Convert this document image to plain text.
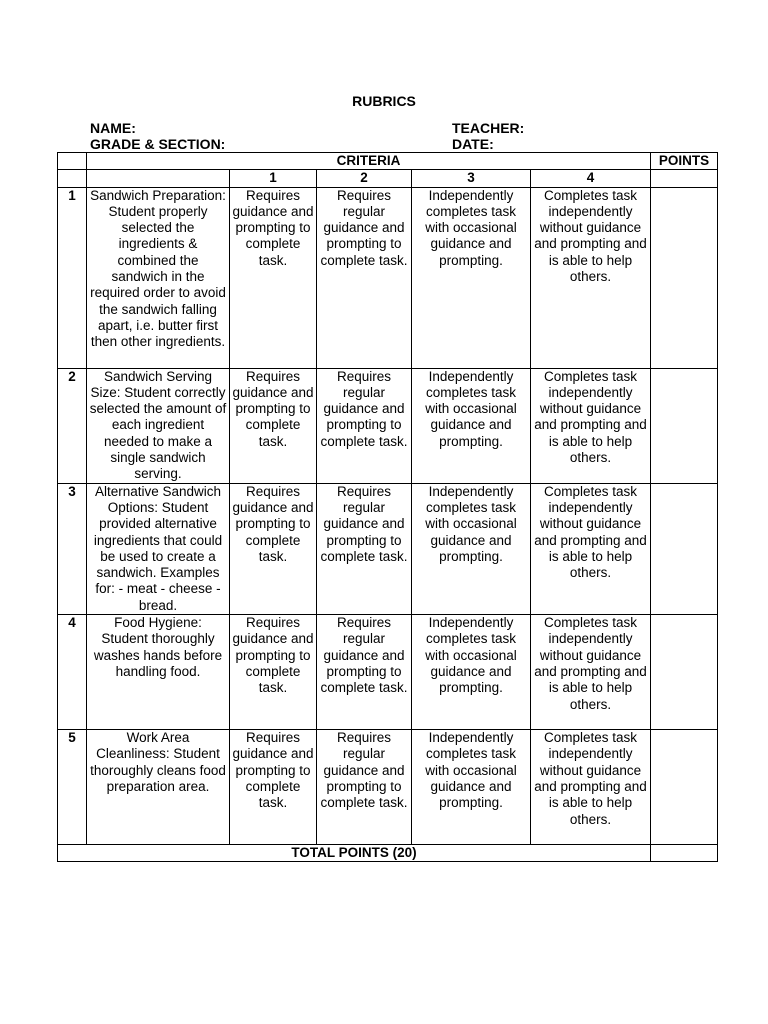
RUBRICS
NAME:
GRADE & SECTION:
TEACHER:
DATE:
	CRITERIA					POINTS
		1	2	3	4	
1	Sandwich Preparation: Student properly selected the ingredients & combined the sandwich in the required order to avoid the sandwich falling apart, i.e. butter first then other ingredients.	Requires guidance and prompting to complete task.	Requires regular guidance and prompting to complete task.	Independently completes task with occasional guidance and prompting.	Completes task independently without guidance and prompting and is able to help others.	
2	Sandwich Serving Size: Student correctly selected the amount of each ingredient needed to make a single sandwich serving.	Requires guidance and prompting to complete task.	Requires regular guidance and prompting to complete task.	Independently completes task with occasional guidance and prompting.	Completes task independently without guidance and prompting and is able to help others.	
3	Alternative Sandwich Options: Student provided alternative ingredients that could be used to create a sandwich. Examples for: - meat - cheese - bread.	Requires guidance and prompting to complete task.	Requires regular guidance and prompting to complete task.	Independently completes task with occasional guidance and prompting.	Completes task independently without guidance and prompting and is able to help others.	
4	Food Hygiene: Student thoroughly washes hands before handling food.	Requires guidance and prompting to complete task.	Requires regular guidance and prompting to complete task.	Independently completes task with occasional guidance and prompting.	Completes task independently without guidance and prompting and is able to help others.	
5	Work Area Cleanliness: Student thoroughly cleans food preparation area.	Requires guidance and prompting to complete task.	Requires regular guidance and prompting to complete task.	Independently completes task with occasional guidance and prompting.	Completes task independently without guidance and prompting and is able to help others.	
TOTAL POINTS (20)						
